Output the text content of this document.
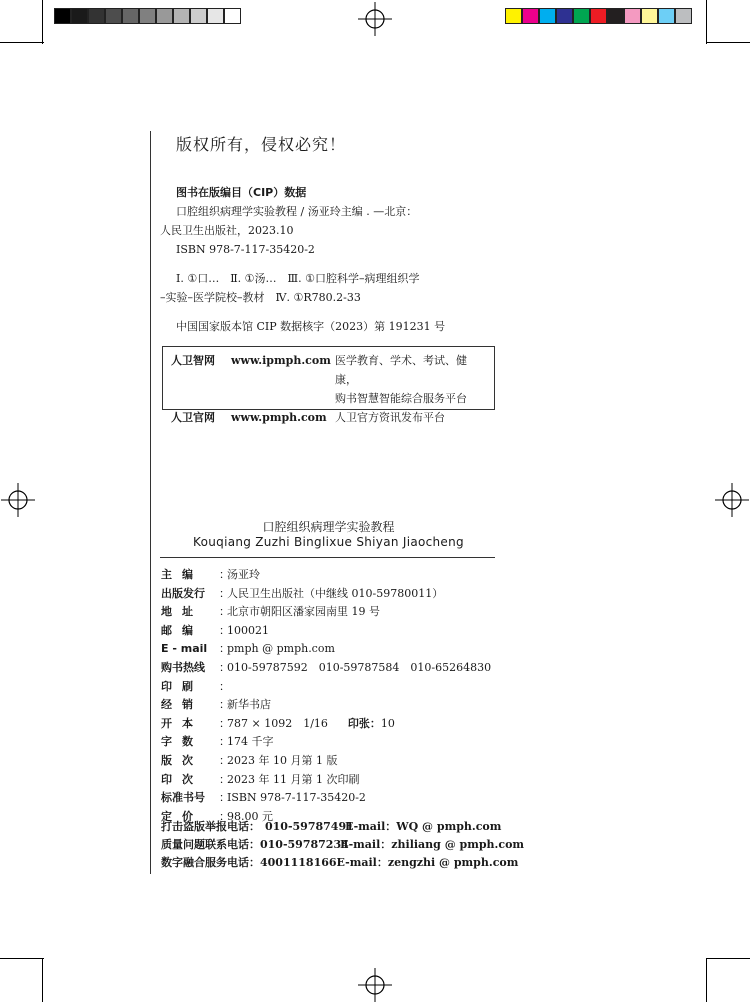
版权所有，侵权必究！
图书在版编目（CIP）数据
口腔组织病理学实验教程 / 汤亚玲主编 . —北京：
人民卫生出版社，2023.10
ISBN 978-7-117-35420-2
Ⅰ. ①口…　Ⅱ. ①汤…　Ⅲ. ①口腔科学–病理组织学
–实验–医学院校–教材　Ⅳ. ①R780.2-33
中国国家版本馆 CIP 数据核字（2023）第 191231 号
人卫智网	www.ipmph.com 医学教育、学术、考试、健康，
购书智慧智能综合服务平台
人卫官网	www.pmph.com 人卫官方资讯发布平台
口腔组织病理学实验教程
Kouqiang Zuzhi Binglixue Shiyan Jiaocheng
主编	：
汤亚玲
出版发行	：
人民卫生出版社（中继线 010-59780011）
地址	：
北京市朝阳区潘家园南里 19 号
邮编	：
100021
E - mail	：
pmph @ pmph.com
购书热线	：
010-59787592　010-59787584　010-65264830
印刷	：
经销	：
新华书店
开本	：
787 × 1092　1/16 印张：10
字数	：
174 千字
版次	：
2023 年 10 月第 1 版
印次	：
2023 年 11 月第 1 次印刷
标准书号	：
ISBN 978-7-117-35420-2
定价	：
98.00 元
打击盗版举报电话： 010-59787491
E-mail：WQ @ pmph.com
质量问题联系电话： 010-59787234
E-mail：zhiliang @ pmph.com
数字融合服务电话： 4001118166 E-mail：zengzhi @ pmph.com
